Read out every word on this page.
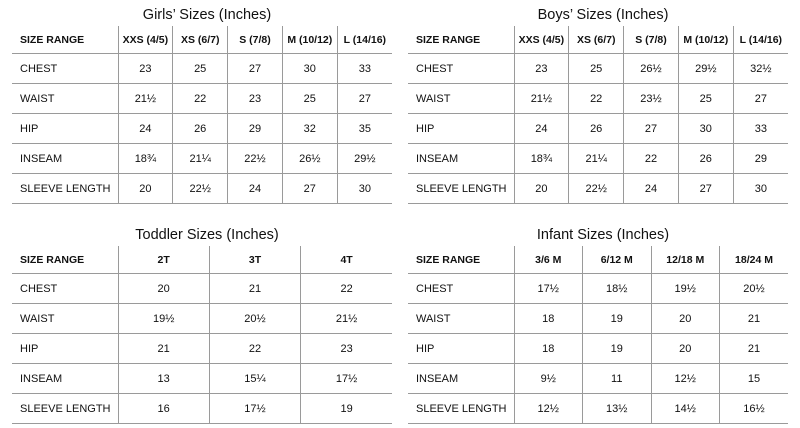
Girls’ Sizes (Inches)
SIZE RANGE	XXS (4/5)	XS (6/7)	S (7/8)	M (10/12)	L (14/16)
CHEST	23	25	27	30	33
WAIST	21½	22	23	25	27
HIP	24	26	29	32	35
INSEAM	18¾	21¼	22½	26½	29½
SLEEVE LENGTH	20	22½	24	27	30
Boys’ Sizes (Inches)
SIZE RANGE	XXS (4/5)	XS (6/7)	S (7/8)	M (10/12)	L (14/16)
CHEST	23	25	26½	29½	32½
WAIST	21½	22	23½	25	27
HIP	24	26	27	30	33
INSEAM	18¾	21¼	22	26	29
SLEEVE LENGTH	20	22½	24	27	30
Toddler Sizes (Inches)
SIZE RANGE	2T	3T	4T
CHEST	20	21	22
WAIST	19½	20½	21½
HIP	21	22	23
INSEAM	13	15¼	17½
SLEEVE LENGTH	16	17½	19
Infant Sizes (Inches)
SIZE RANGE	3/6 M	6/12 M	12/18 M	18/24 M
CHEST	17½	18½	19½	20½
WAIST	18	19	20	21
HIP	18	19	20	21
INSEAM	9½	11	12½	15
SLEEVE LENGTH	12½	13½	14½	16½
